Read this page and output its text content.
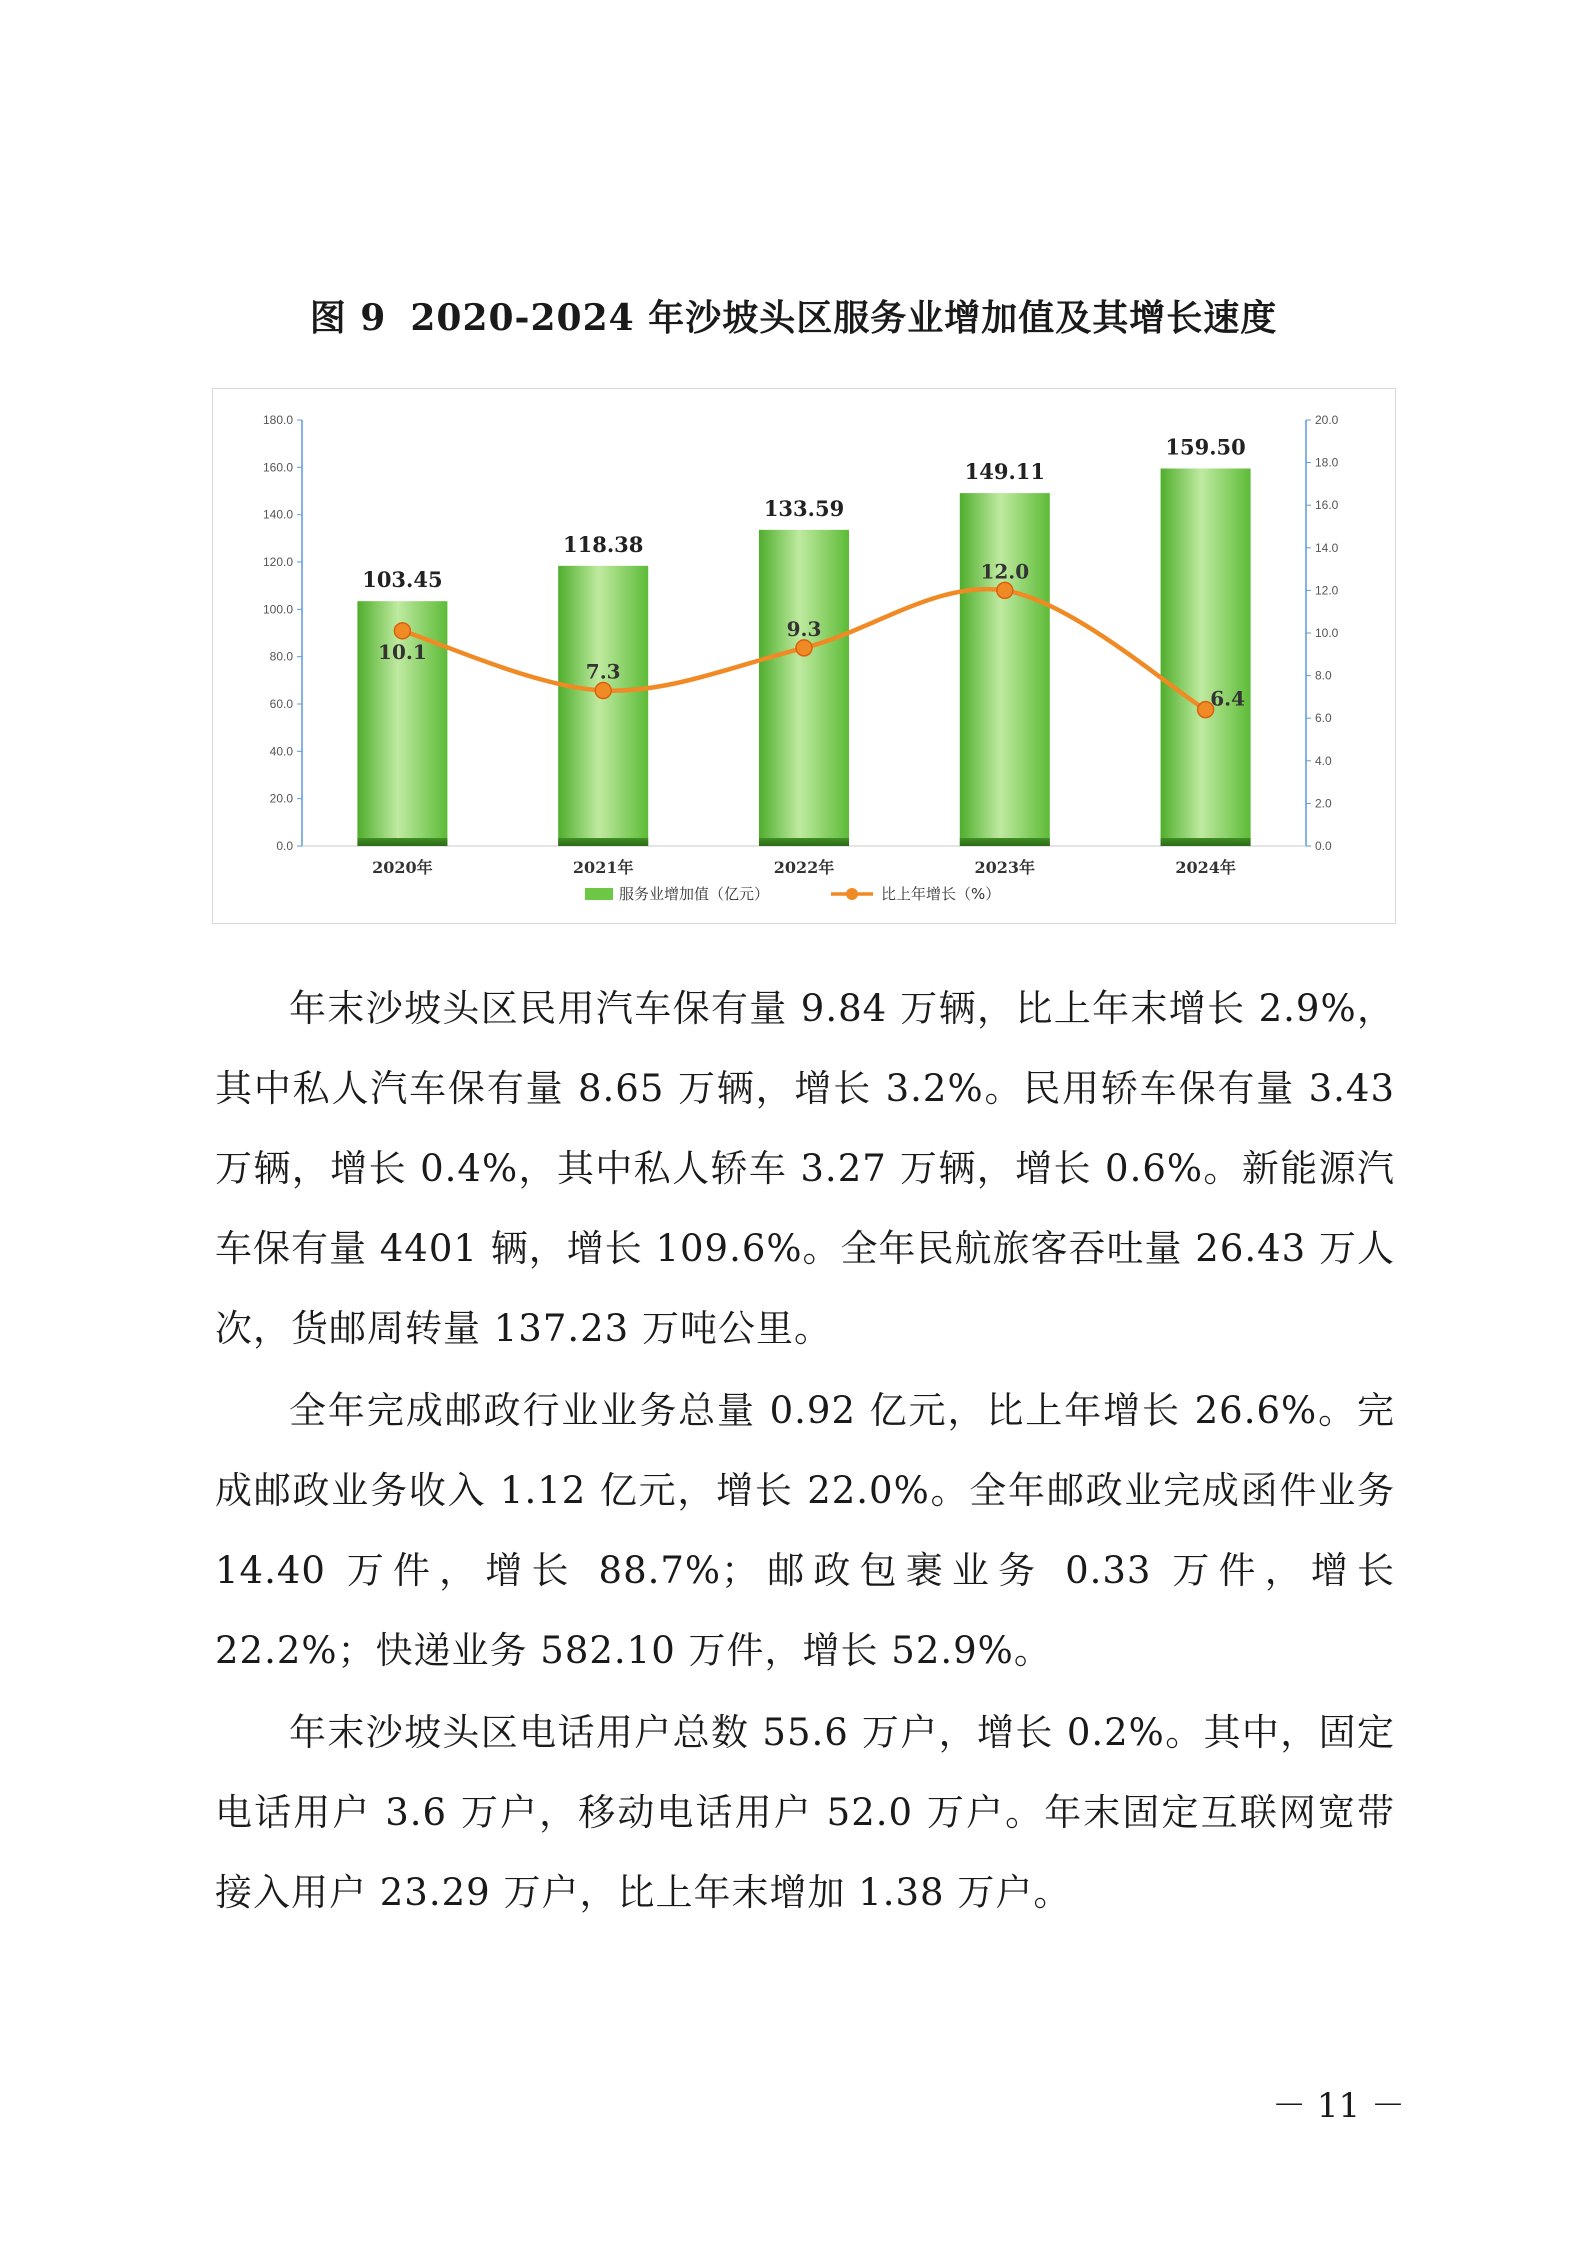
图 9 2020-2024 年沙坡头区服务业增加值及其增长速度
0.0
20.0
40.0
60.0
80.0
100.0
120.0
140.0
160.0
180.0
0.0
2.0
4.0
6.0
8.0
10.0
12.0
14.0
16.0
18.0
20.0
103.45
118.38
133.59
149.11
159.50
2020年	2021年	2022年	2023年	2024年
10.1
7.3
9.3
12.0
6.4
服务业增加值（亿元）	比上年增长（%）

年末沙坡头区民用汽车保有量 9.84 万辆，比上年末增长 2.9%，其中私人汽车保有量 8.65 万辆，增长 3.2%。民用轿车保有量 3.43 万辆，增长 0.4%，其中私人轿车 3.27 万辆，增长 0.6%。新能源汽车保有量 4401 辆，增长 109.6%。全年民航旅客吞吐量 26.43 万人次，货邮周转量 137.23 万吨公里。

全年完成邮政行业业务总量 0.92 亿元，比上年增长 26.6%。完成邮政业务收入 1.12 亿元，增长 22.0%。全年邮政业完成函件业务 14.40 万件，增长 88.7%；邮政包裹业务 0.33 万件，增长 22.2%；快递业务 582.10 万件，增长 52.9%。

年末沙坡头区电话用户总数 55.6 万户，增长 0.2%。其中，固定电话用户 3.6 万户，移动电话用户 52.0 万户。年末固定互联网宽带接入用户 23.29 万户，比上年末增加 1.38 万户。

－ 11 －
